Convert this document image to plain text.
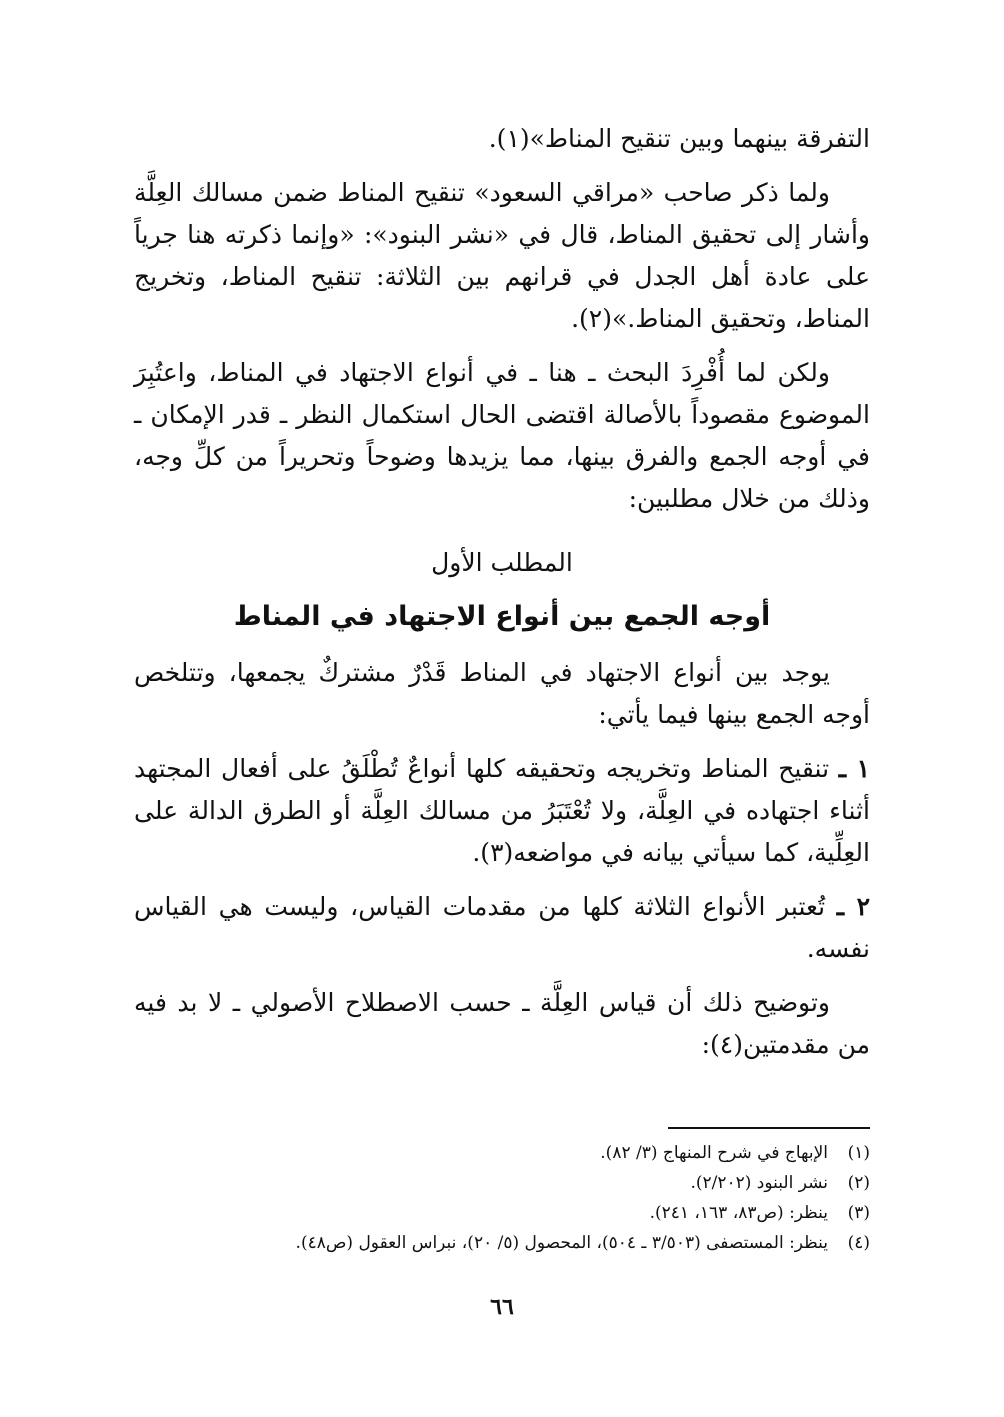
التفرقة بينهما وبين تنقيح المناط»(١).

ولما ذكر صاحب «مراقي السعود» تنقيح المناط ضمن مسالك العِلَّة وأشار إلى تحقيق المناط، قال في «نشر البنود»: «وإنما ذكرته هنا جرياً على عادة أهل الجدل في قرانهم بين الثلاثة: تنقيح المناط، وتخريج المناط، وتحقيق المناط.»(٢).

ولكن لما أُفْرِدَ البحث ـ هنا ـ في أنواع الاجتهاد في المناط، واعتُبِرَ الموضوع مقصوداً بالأصالة اقتضى الحال استكمال النظر ـ قدر الإمكان ـ في أوجه الجمع والفرق بينها، مما يزيدها وضوحاً وتحريراً من كلِّ وجه، وذلك من خلال مطلبين:

المطلب الأول

أوجه الجمع بين أنواع الاجتهاد في المناط

يوجد بين أنواع الاجتهاد في المناط قَدْرٌ مشتركٌ يجمعها، وتتلخص أوجه الجمع بينها فيما يأتي:

١ ـ تنقيح المناط وتخريجه وتحقيقه كلها أنواعٌ تُطْلَقُ على أفعال المجتهد أثناء اجتهاده في العِلَّة، ولا تُعْتَبَرُ من مسالك العِلَّة أو الطرق الدالة على العِلِّية، كما سيأتي بيانه في مواضعه(٣).

٢ ـ تُعتبر الأنواع الثلاثة كلها من مقدمات القياس، وليست هي القياس نفسه.

وتوضيح ذلك أن قياس العِلَّة ـ حسب الاصطلاح الأصولي ـ لا بد فيه من مقدمتين(٤):

(١)الإبهاج في شرح المنهاج (٣/ ٨٢).

(٢)نشر البنود (٢/٢٠٢).

(٣)ينظر: (ص٨٣، ١٦٣، ٢٤١).

(٤)ينظر: المستصفى (٣/٥٠٣ ـ ٥٠٤)، المحصول (٥/ ٢٠)، نبراس العقول (ص٤٨).

٦٦
